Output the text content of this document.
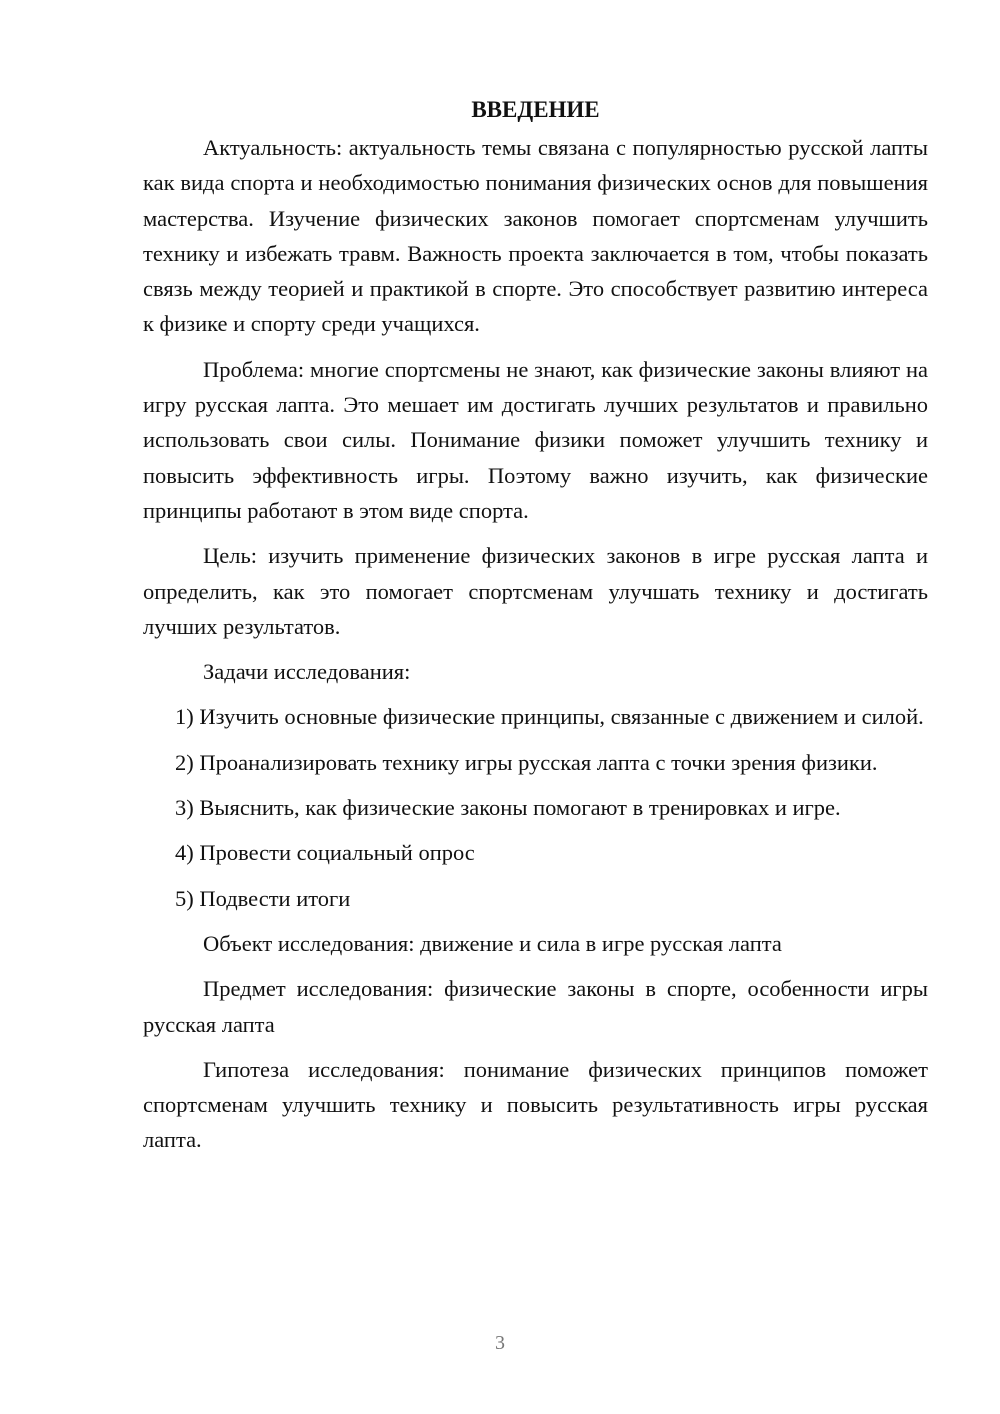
ВВЕДЕНИЕ

Актуальность: актуальность темы связана с популярностью русской лапты как вида спорта и необходимостью понимания физических основ для повышения мастерства. Изучение физических законов помогает спортсменам улучшить технику и избежать травм. Важность проекта заключается в том, чтобы показать связь между теорией и практикой в спорте. Это способствует развитию интереса к физике и спорту среди учащихся.

Проблема: многие спортсмены не знают, как физические законы влияют на игру русская лапта. Это мешает им достигать лучших результатов и правильно использовать свои силы. Понимание физики поможет улучшить технику и повысить эффективность игры. Поэтому важно изучить, как физические принципы работают в этом виде спорта.

Цель: изучить применение физических законов в игре русская лапта и определить, как это помогает спортсменам улучшать технику и достигать лучших результатов.

Задачи исследования:

1) Изучить основные физические принципы, связанные с движением и силой.

2) Проанализировать технику игры русская лапта с точки зрения физики.

3) Выяснить, как физические законы помогают в тренировках и игре.

4) Провести социальный опрос

5) Подвести итоги

Объект исследования: движение и сила в игре русская лапта

Предмет исследования: физические законы в спорте, особенности игры русская лапта

Гипотеза исследования: понимание физических принципов поможет спортсменам улучшить технику и повысить результативность игры русская лапта.

3
